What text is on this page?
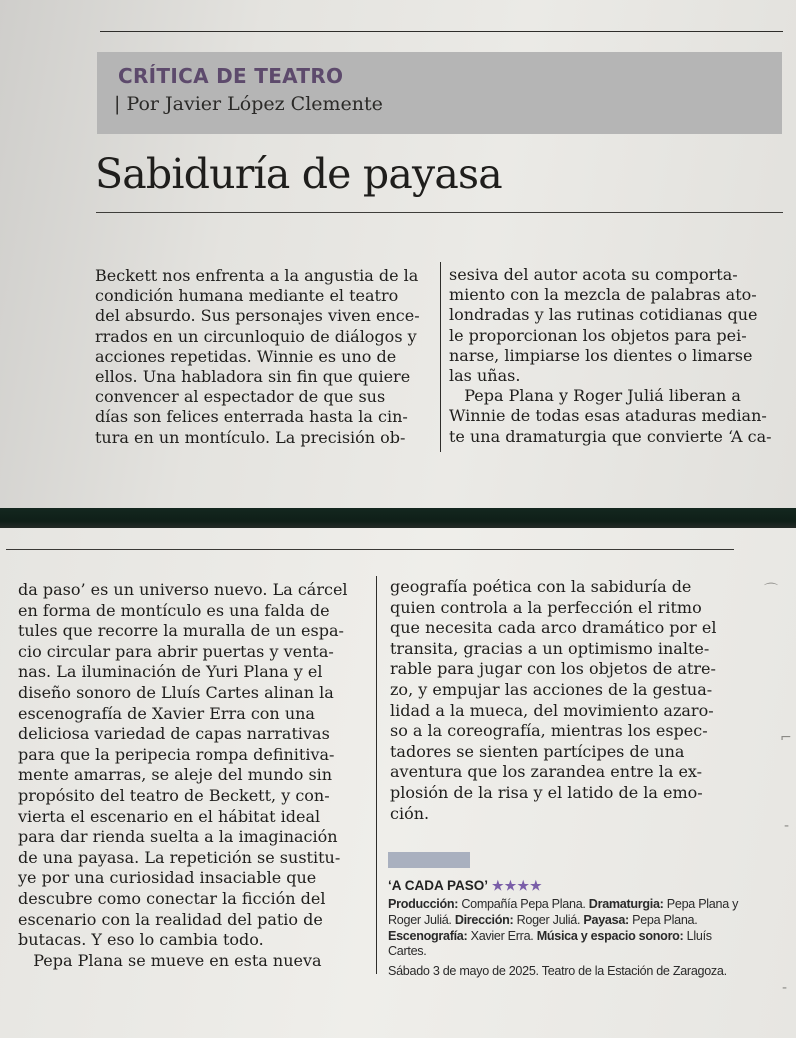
CRÍTICA DE TEATRO
| Por Javier López Clemente
Sabiduría de payasa
Beckett nos enfrenta a la angustia de la
condición humana mediante el teatro
del absurdo. Sus personajes viven ence-
rrados en un circunloquio de diálogos y
acciones repetidas. Winnie es uno de
ellos. Una habladora sin fin que quiere
convencer al espectador de que sus
días son felices enterrada hasta la cin-
tura en un montículo. La precisión ob-
sesiva del autor acota su comporta-
miento con la mezcla de palabras ato-
londradas y las rutinas cotidianas que
le proporcionan los objetos para pei-
narse, limpiarse los dientes o limarse
las uñas.
Pepa Plana y Roger Juliá liberan a
Winnie de todas esas ataduras median-
te una dramaturgia que convierte ‘A ca-
da paso’ es un universo nuevo. La cárcel
en forma de montículo es una falda de
tules que recorre la muralla de un espa-
cio circular para abrir puertas y venta-
nas. La iluminación de Yuri Plana y el
diseño sonoro de Lluís Cartes alinan la
escenografía de Xavier Erra con una
deliciosa variedad de capas narrativas
para que la peripecia rompa definitiva-
mente amarras, se aleje del mundo sin
propósito del teatro de Beckett, y con-
vierta el escenario en el hábitat ideal
para dar rienda suelta a la imaginación
de una payasa. La repetición se sustitu-
ye por una curiosidad insaciable que
descubre como conectar la ficción del
escenario con la realidad del patio de
butacas. Y eso lo cambia todo.
Pepa Plana se mueve en esta nueva
geografía poética con la sabiduría de
quien controla a la perfección el ritmo
que necesita cada arco dramático por el
transita, gracias a un optimismo inalte-
rable para jugar con los objetos de atre-
zo, y empujar las acciones de la gestua-
lidad a la mueca, del movimiento azaro-
so a la coreografía, mientras los espec-
tadores se sienten partícipes de una
aventura que los zarandea entre la ex-
plosión de la risa y el latido de la emo-
ción.
‘A CADA PASO’ ★★★★
Producción: Compañía Pepa Plana. Dramaturgia: Pepa Plana y
Roger Juliá. Dirección: Roger Juliá. Payasa: Pepa Plana.
Escenografía: Xavier Erra. Música y espacio sonoro: Lluís
Cartes.
Sábado 3 de mayo de 2025. Teatro de la Estación de Zaragoza.
⌒
⌐
‐
‐
